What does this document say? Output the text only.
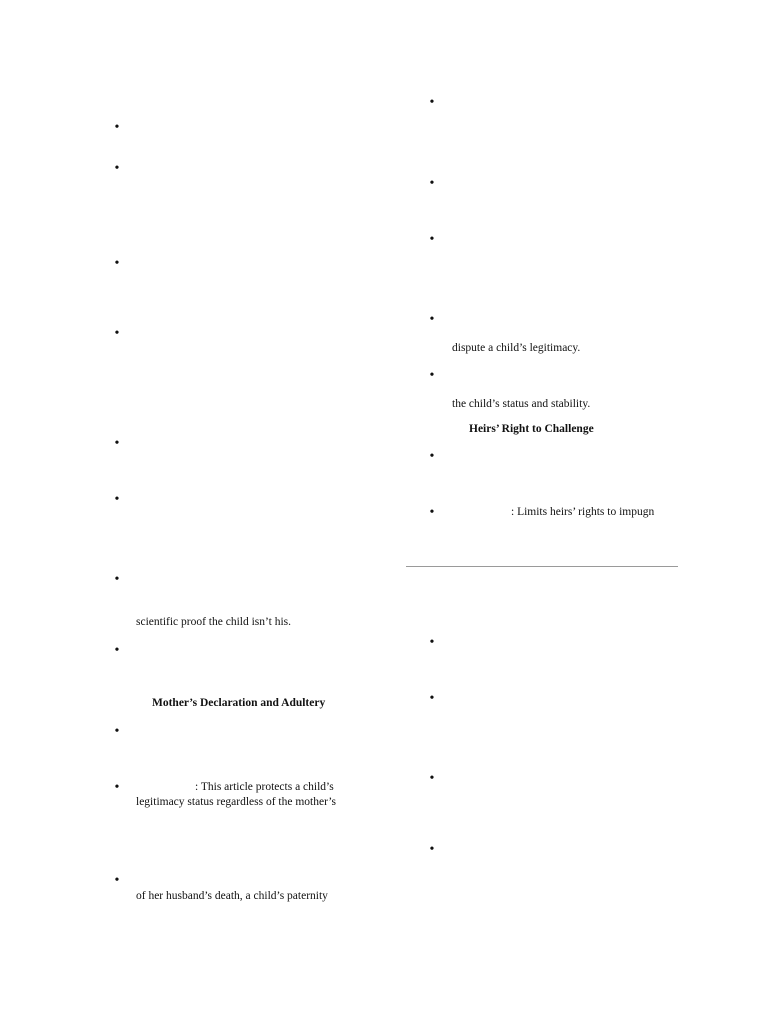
•
•
•
•
•
•
•
scientific proof the child isn’t his.
•
Mother’s Declaration and Adultery
•
•	: This article protects a child’s
legitimacy status regardless of the mother’s
•
of her husband’s death, a child’s paternity
•
•
•
•
dispute a child’s legitimacy.
•
the child’s status and stability.
Heirs’ Right to Challenge
•
•	: Limits heirs’ rights to impugn
•
•
•
•
